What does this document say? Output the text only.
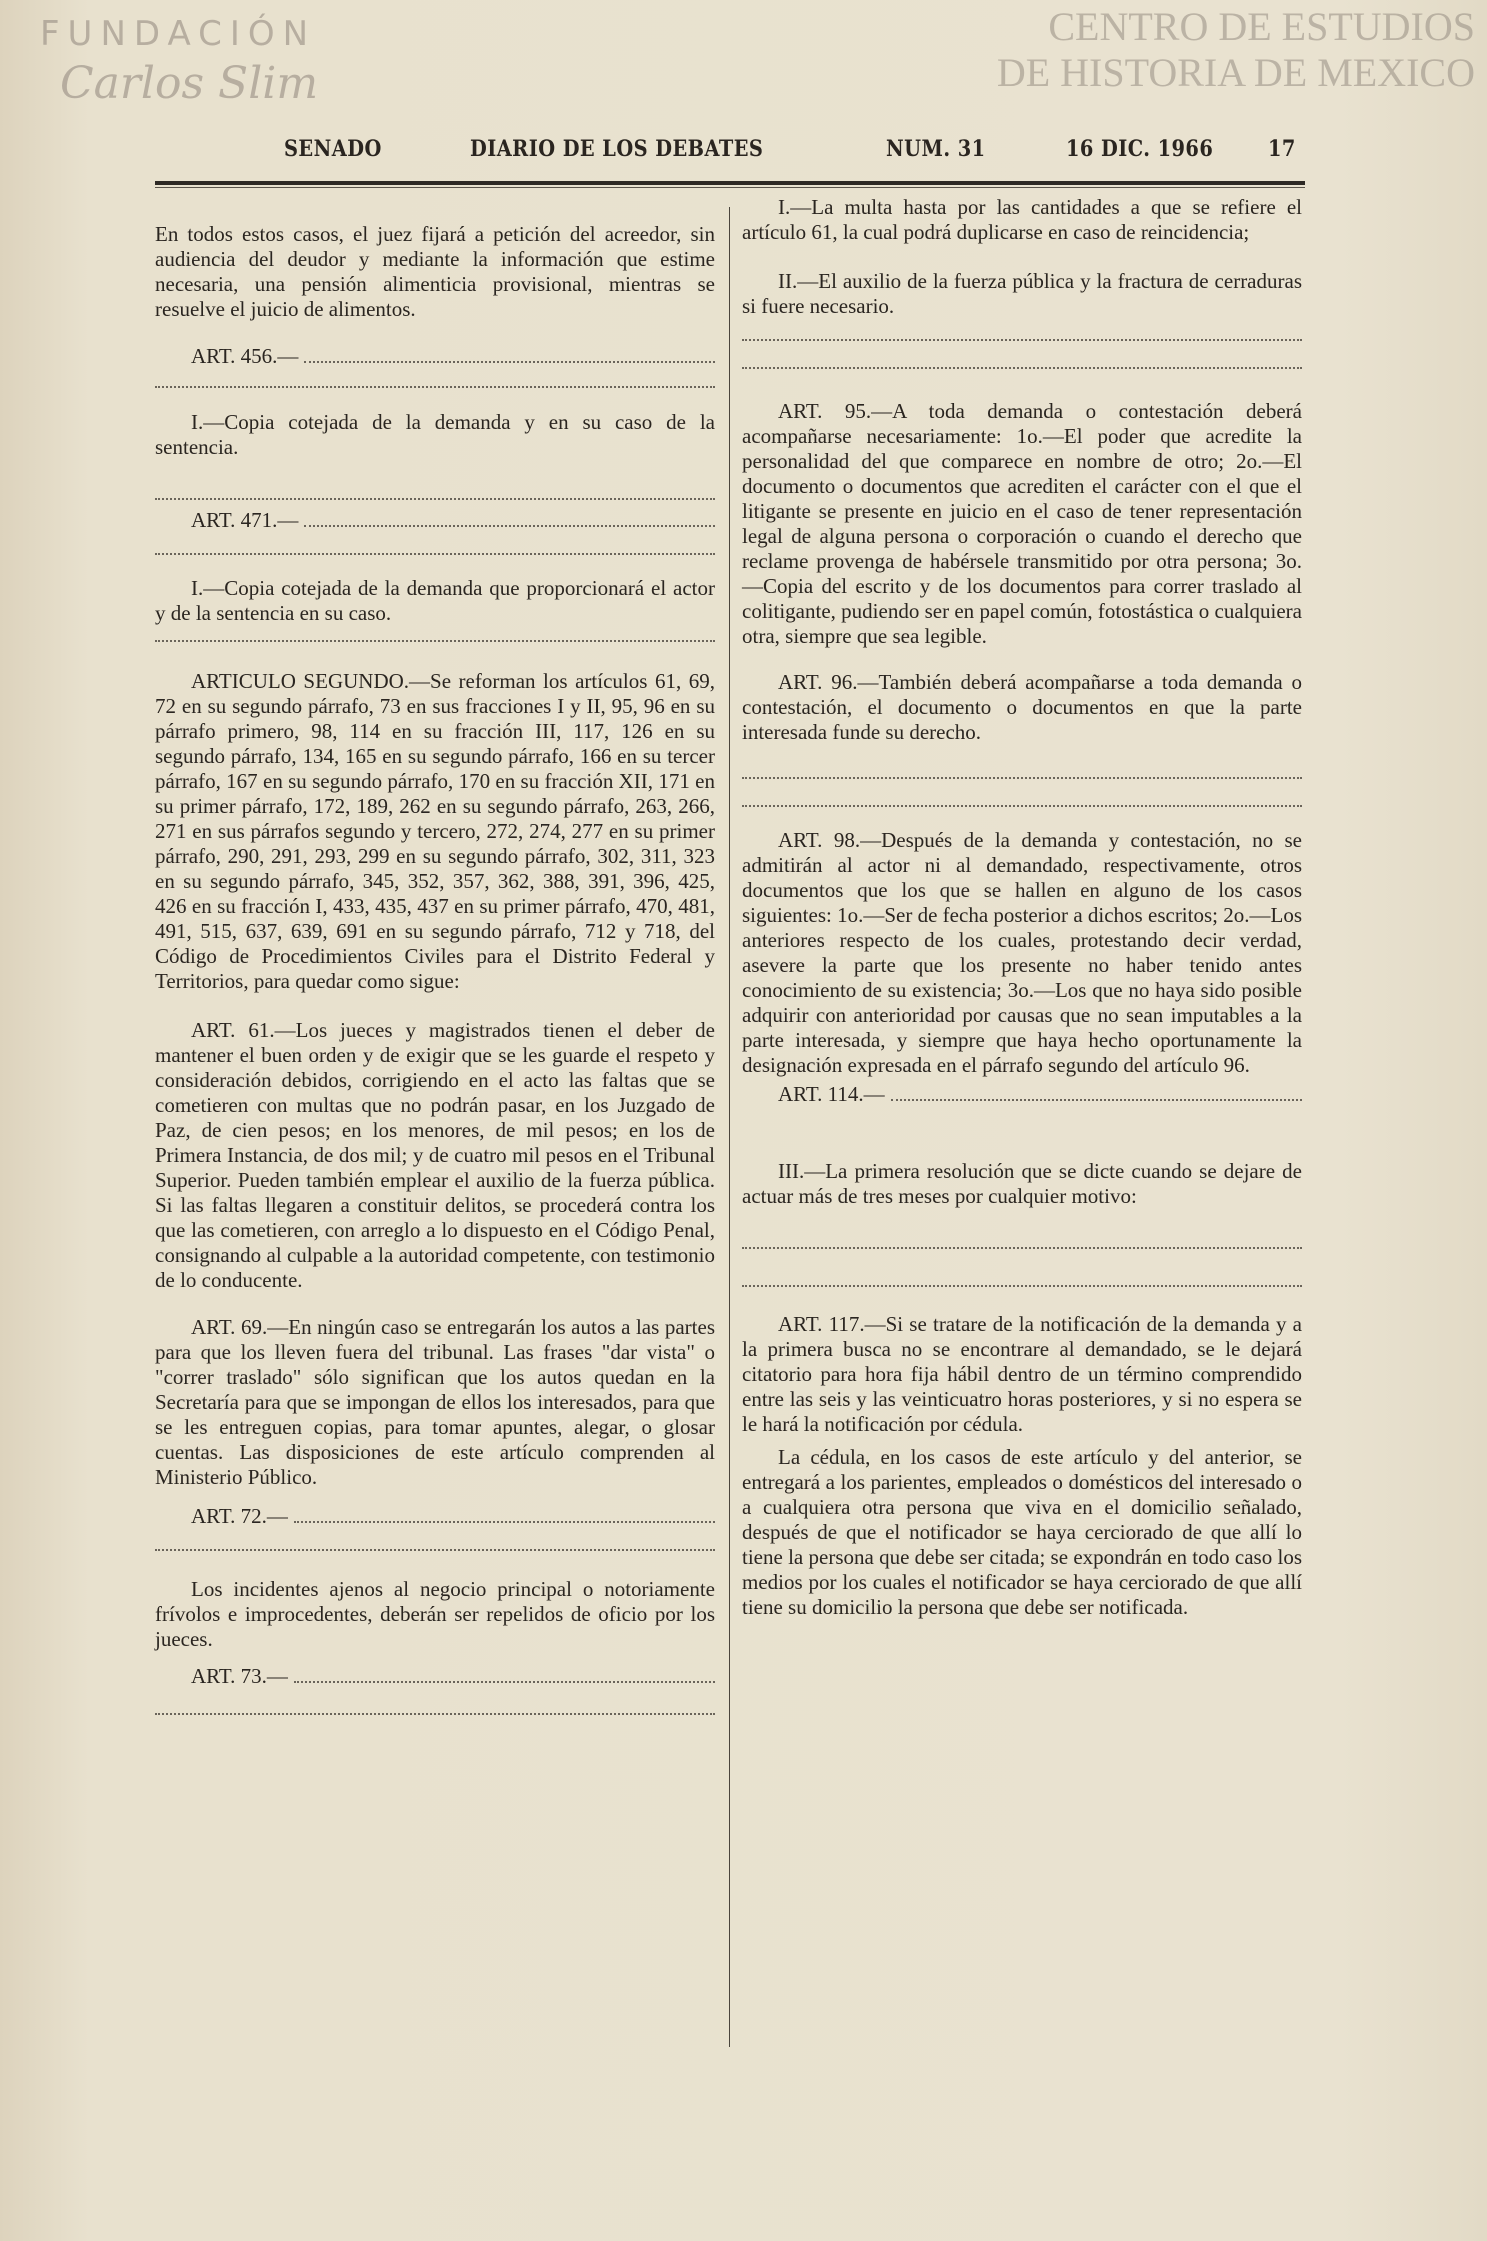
CENTRO DE ESTUDIOS
DE HISTORIA DE MEXICO
FUNDACIÓN
Carlos Slim
SENADO	DIARIO DE LOS DEBATES	NUM. 31	16 DIC. 1966 17

En todos estos casos, el juez fijará a petición del acreedor, sin audiencia del deudor y mediante la información que estime necesaria, una pensión alimenticia provisional, mientras se resuelve el juicio de alimentos.

ART. 456.—

I.—Copia cotejada de la demanda y en su caso de la sentencia.

ART. 471.—

I.—Copia cotejada de la demanda que proporcionará el actor y de la sentencia en su caso.

ARTICULO SEGUNDO.—Se reforman los artículos 61, 69, 72 en su segundo párrafo, 73 en sus fracciones I y II, 95, 96 en su párrafo primero, 98, 114 en su fracción III, 117, 126 en su segundo párrafo, 134, 165 en su segundo párrafo, 166 en su tercer párrafo, 167 en su segundo párrafo, 170 en su fracción XII, 171 en su primer párrafo, 172, 189, 262 en su segundo párrafo, 263, 266, 271 en sus párrafos segundo y tercero, 272, 274, 277 en su primer párrafo, 290, 291, 293, 299 en su segundo párrafo, 302, 311, 323 en su segundo párrafo, 345, 352, 357, 362, 388, 391, 396, 425, 426 en su fracción I, 433, 435, 437 en su primer párrafo, 470, 481, 491, 515, 637, 639, 691 en su segundo párrafo, 712 y 718, del Código de Procedimientos Civiles para el Distrito Federal y Territorios, para quedar como sigue:

ART. 61.—Los jueces y magistrados tienen el deber de mantener el buen orden y de exigir que se les guarde el respeto y consideración debidos, corrigiendo en el acto las faltas que se cometieren con multas que no podrán pasar, en los Juzgado de Paz, de cien pesos; en los menores, de mil pesos; en los de Primera Instancia, de dos mil; y de cuatro mil pesos en el Tribunal Superior. Pueden también emplear el auxilio de la fuerza pública. Si las faltas llegaren a constituir delitos, se procederá contra los que las cometieren, con arreglo a lo dispuesto en el Código Penal, consignando al culpable a la autoridad competente, con testimonio de lo conducente.

ART. 69.—En ningún caso se entregarán los autos a las partes para que los lleven fuera del tribunal. Las frases "dar vista" o "correr traslado" sólo significan que los autos quedan en la Secretaría para que se impongan de ellos los interesados, para que se les entreguen copias, para tomar apuntes, alegar, o glosar cuentas. Las disposiciones de este artículo comprenden al Ministerio Público.

ART. 72.—

Los incidentes ajenos al negocio principal o notoriamente frívolos e improcedentes, deberán ser repelidos de oficio por los jueces.

ART. 73.—

I.—La multa hasta por las cantidades a que se refiere el artículo 61, la cual podrá duplicarse en caso de reincidencia;

II.—El auxilio de la fuerza pública y la fractura de cerraduras si fuere necesario.

ART. 95.—A toda demanda o contestación deberá acompañarse necesariamente: 1o.—El poder que acredite la personalidad del que comparece en nombre de otro; 2o.—El documento o documentos que acrediten el carácter con el que el litigante se presente en juicio en el caso de tener representación legal de alguna persona o corporación o cuando el derecho que reclame provenga de habérsele transmitido por otra persona; 3o.—Copia del escrito y de los documentos para correr traslado al colitigante, pudiendo ser en papel común, fotostástica o cualquiera otra, siempre que sea legible.

ART. 96.—También deberá acompañarse a toda demanda o contestación, el documento o documentos en que la parte interesada funde su derecho.

ART. 98.—Después de la demanda y contestación, no se admitirán al actor ni al demandado, respectivamente, otros documentos que los que se hallen en alguno de los casos siguientes: 1o.—Ser de fecha posterior a dichos escritos; 2o.—Los anteriores respecto de los cuales, protestando decir verdad, asevere la parte que los presente no haber tenido antes conocimiento de su existencia; 3o.—Los que no haya sido posible adquirir con anterioridad por causas que no sean imputables a la parte interesada, y siempre que haya hecho oportunamente la designación expresada en el párrafo segundo del artículo 96.

ART. 114.—

III.—La primera resolución que se dicte cuando se dejare de actuar más de tres meses por cualquier motivo:

ART. 117.—Si se tratare de la notificación de la demanda y a la primera busca no se encontrare al demandado, se le dejará citatorio para hora fija hábil dentro de un término comprendido entre las seis y las veinticuatro horas posteriores, y si no espera se le hará la notificación por cédula.

La cédula, en los casos de este artículo y del anterior, se entregará a los parientes, empleados o domésticos del interesado o a cualquiera otra persona que viva en el domicilio señalado, después de que el notificador se haya cerciorado de que allí lo tiene la persona que debe ser citada; se expondrán en todo caso los medios por los cuales el notificador se haya cerciorado de que allí tiene su domicilio la persona que debe ser notificada.
